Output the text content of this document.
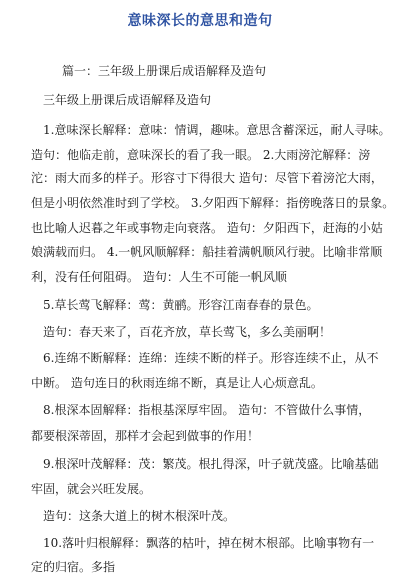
意味深长的意思和造句
篇一：三年级上册课后成语解释及造句
三年级上册课后成语解释及造句
1.意味深长解释：意味：情调，趣味。意思含蓄深远，耐人寻味。
造句：他临走前，意味深长的看了我一眼。 2.大雨滂沱解释：滂
沱：雨大而多的样子。形容寸下得很大 造句：尽管下着滂沱大雨，
但是小明依然准时到了学校。 3.夕阳西下解释：指傍晚落日的景象。
也比喻人迟暮之年或事物走向衰落。 造句：夕阳西下，赶海的小姑
娘满载而归。 4.一帆风顺解释：船挂着满帆顺风行驶。比喻非常顺
利，没有任何阻碍。 造句：人生不可能一帆风顺
5.草长莺飞解释：莺：黄鹂。形容江南春春的景色。
造句：春天来了，百花齐放，草长莺飞，多么美丽啊！
6.连绵不断解释：连绵：连续不断的样子。形容连续不止，从不
中断。 造句连日的秋雨连绵不断，真是让人心烦意乱。
8.根深本固解释：指根基深厚牢固。 造句：不管做什么事情，
都要根深蒂固，那样才会起到做事的作用！
9.根深叶茂解释：茂：繁茂。根扎得深，叶子就茂盛。比喻基础
牢固，就会兴旺发展。
造句：这条大道上的树木根深叶茂。
10.落叶归根解释：飘落的枯叶，掉在树木根部。比喻事物有一
定的归宿。多指
